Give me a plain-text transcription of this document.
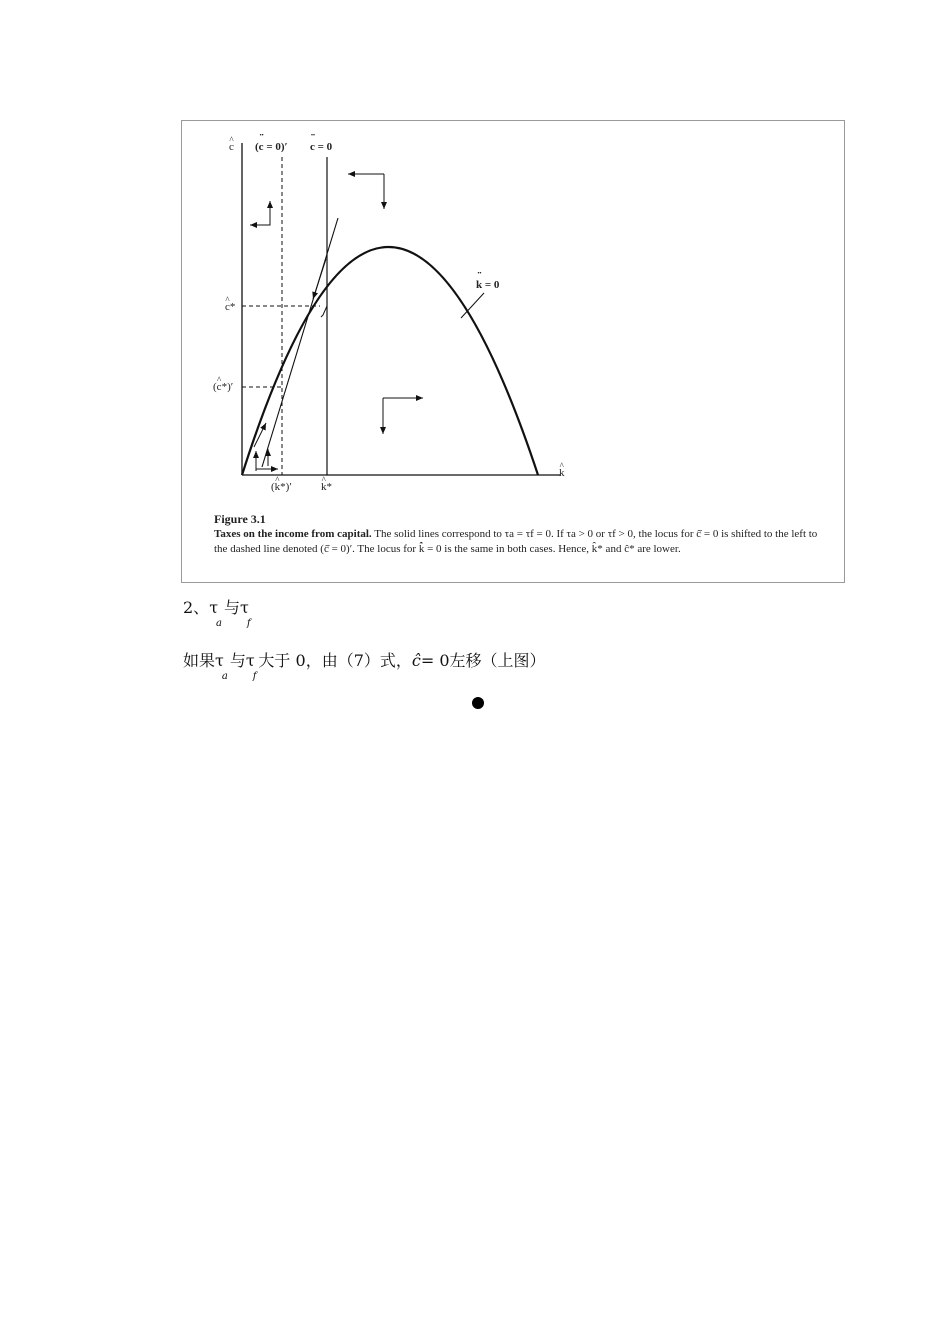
^ c
^ k
(·· c = 0)′ ·· c = 0
·· k = 0
^ c*
(^ c*)′
(^ k*)′	^ k*
Figure 3.1
Taxes on the income from capital. The solid lines correspond to τa = τf = 0. If τa > 0 or τf > 0, the locus for ĉ̇ = 0 is shifted to the left to the dashed line denoted (ĉ̇ = 0)′. The locus for k̂̇ = 0 is the same in both cases. Hence, k̂* and ĉ* are lower.
2、$\tau_a$与$\tau_f$
如果$\tau_a$与$\tau_f$大于 0，由（7）式，ĉ= 0左移（上图）
